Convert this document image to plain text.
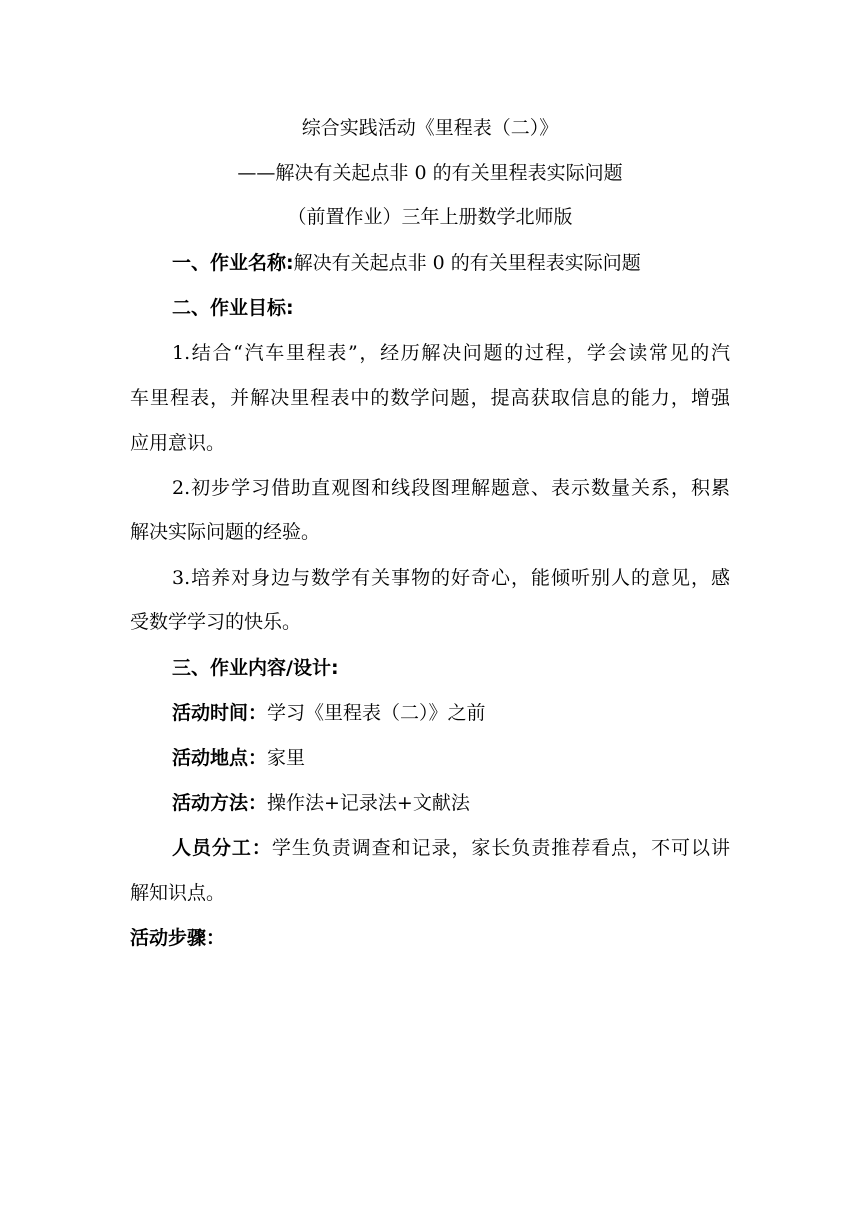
综合实践活动《里程表（二）》
——解决有关起点非 0 的有关里程表实际问题
（前置作业）三年上册数学北师版
一、作业名称:解决有关起点非 0 的有关里程表实际问题
二、作业目标:
1.结合“汽车里程表”，经历解决问题的过程，学会读常见的汽
车里程表，并解决里程表中的数学问题，提高获取信息的能力，增强
应用意识。
2.初步学习借助直观图和线段图理解题意、表示数量关系，积累
解决实际问题的经验。
3.培养对身边与数学有关事物的好奇心，能倾听别人的意见，感
受数学学习的快乐。
三、作业内容/设计:
活动时间：学习《里程表（二）》之前
活动地点：家里
活动方法：操作法+记录法+文献法
人员分工：学生负责调查和记录，家长负责推荐看点，不可以讲
解知识点。
活动步骤：
